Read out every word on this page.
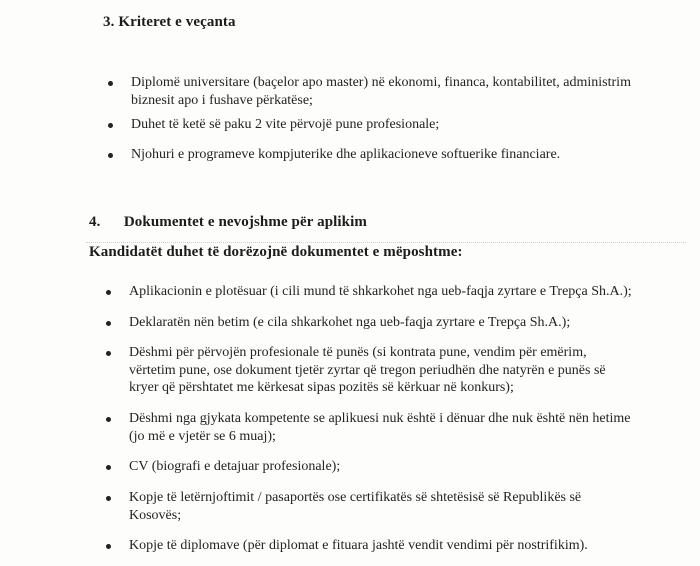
3. Kriteret e veçanta
Diplomë universitare (baçelor apo master) në ekonomi, financa, kontabilitet, administrim biznesit apo i fushave përkatëse;
Duhet të ketë së paku 2 vite përvojë pune profesionale;
Njohuri e programeve kompjuterike dhe aplikacioneve softuerike financiare.
4. Dokumentet e nevojshme për aplikim
Kandidatët duhet të dorëzojnë dokumentet e mëposhtme:
Aplikacionin e plotësuar (i cili mund të shkarkohet nga ueb-faqja zyrtare e Trepça Sh.A.);
Deklaratën nën betim (e cila shkarkohet nga ueb-faqja zyrtare e Trepça Sh.A.);
Dëshmi për përvojën profesionale të punës (si kontrata pune, vendim për emërim, vërtetim pune, ose dokument tjetër zyrtar që tregon periudhën dhe natyrën e punës së kryer që përshtatet me kërkesat sipas pozitës së kërkuar në konkurs);
Dëshmi nga gjykata kompetente se aplikuesi nuk është i dënuar dhe nuk është nën hetime (jo më e vjetër se 6 muaj);
CV (biografi e detajuar profesionale);
Kopje të letërnjoftimit / pasaportës ose certifikatës së shtetësisë së Republikës së Kosovës;
Kopje të diplomave (për diplomat e fituara jashtë vendit vendimi për nostrifikim).
